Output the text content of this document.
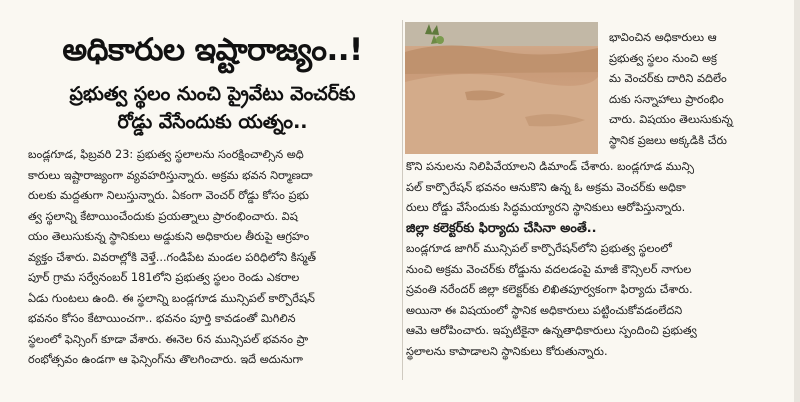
అధికారుల ఇష్టారాజ్యం..!
ప్రభుత్వ స్థలం నుంచి ప్రైవేటు వెంచర్‌కు
రోడ్డు వేసేందుకు యత్నం..
బండ్లగూడ, ఫిబ్రవరి 23: ప్రభుత్వ స్థలాలను సంరక్షించాల్సిన అధి
కారులు ఇష్టారాజ్యంగా వ్యవహరిస్తున్నారు. అక్రమ భవన నిర్మాణదా
రులకు మద్దతుగా నిలుస్తున్నారు. ఏకంగా వెంచర్ రోడ్డు కోసం ప్రభు
త్వ స్థలాన్ని కేటాయించేందుకు ప్రయత్నాలు ప్రారంభించారు. విష
యం తెలుసుకున్న స్థానికులు అడ్డుకుని అధికారుల తీరుపై ఆగ్రహం
వ్యక్తం చేశారు. వివరాల్లోకి వెళ్తే...గండిపేట మండల పరిధిలోని కిస్మత్
పూర్ గ్రామ సర్వేనంబర్ 181లోని ప్రభుత్వ స్థలం రెండు ఎకరాల
ఏడు గుంటలు ఉంది. ఈ స్థలాన్ని బండ్లగూడ మున్సిపల్ కార్పొరేషన్
భవనం కోసం కేటాయించగా.. భవనం పూర్తి కావడంతో మిగిలిన
స్థలంలో ఫెన్సింగ్ కూడా వేశారు. ఈనెల 6న మున్సిపల్ భవనం ప్రా
రంభోత్సవం ఉండగా ఆ ఫెన్సింగ్‌ను తొలగించారు. ఇదే అదునుగా
భావించిన అధికారులు ఆ
ప్రభుత్వ స్థలం నుంచి అక్ర
మ వెంచర్‌కు దారిని వదిలేం
దుకు సన్నాహాలు ప్రారంభిం
చారు. విషయం తెలుసుకున్న
స్థానిక ప్రజలు అక్కడికి చేరు
కొని పనులను నిలిపివేయాలని డిమాండ్ చేశారు. బండ్లగూడ మున్సి
పల్ కార్పొరేషన్ భవనం ఆనుకొని ఉన్న ఓ అక్రమ వెంచర్‌కు అధికా
రులు రోడ్డు వేసేందుకు సిద్ధమయ్యారని స్థానికులు ఆరోపిస్తున్నారు.
జిల్లా కలెక్టర్‌కు ఫిర్యాదు చేసినా అంతే..
బండ్లగూడ జాగిర్ మున్సిపల్ కార్పొరేషన్‌లోని ప్రభుత్వ స్థలంలో
నుంచి అక్రమ వెంచర్‌కు రోడ్డును వదలడంపై మాజీ కౌన్సిలర్ నాగుల
స్రవంతి నరేందర్ జిల్లా కలెక్టర్‌కు లిఖితపూర్వకంగా ఫిర్యాదు చేశారు.
అయినా ఈ విషయంలో స్థానిక అధికారులు పట్టించుకోవడంలేదని
ఆమె ఆరోపించారు. ఇప్పటికైనా ఉన్నతాధికారులు స్పందించి ప్రభుత్వ
స్థలాలను కాపాడాలని స్థానికులు కోరుతున్నారు.
